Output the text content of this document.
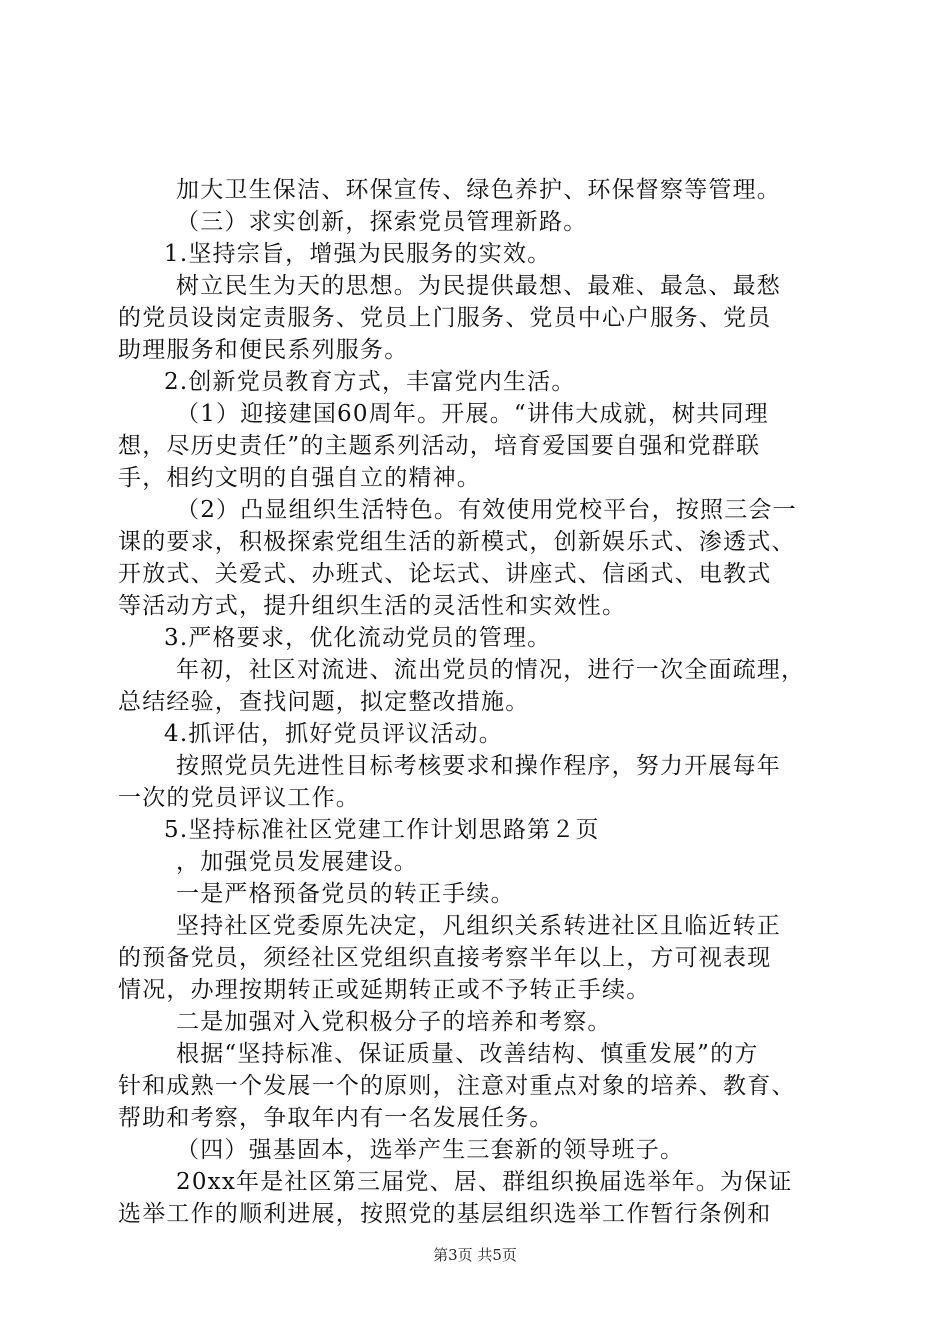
加大卫生保洁、环保宣传、绿色养护、环保督察等管理。
（三）求实创新，探索党员管理新路。
1.坚持宗旨，增强为民服务的实效。
树立民生为天的思想。为民提供最想、最难、最急、最愁
的党员设岗定责服务、党员上门服务、党员中心户服务、党员
助理服务和便民系列服务。
2.创新党员教育方式，丰富党内生活。
（1）迎接建国60周年。开展。“讲伟大成就，树共同理
想，尽历史责任”的主题系列活动，培育爱国要自强和党群联
手，相约文明的自强自立的精神。
（2）凸显组织生活特色。有效使用党校平台，按照三会一
课的要求，积极探索党组生活的新模式，创新娱乐式、渗透式、
开放式、关爱式、办班式、论坛式、讲座式、信函式、电教式
等活动方式，提升组织生活的灵活性和实效性。
3.严格要求，优化流动党员的管理。
年初，社区对流进、流出党员的情况，进行一次全面疏理，
总结经验，查找问题，拟定整改措施。
4.抓评估，抓好党员评议活动。
按照党员先进性目标考核要求和操作程序，努力开展每年
一次的党员评议工作。
5.坚持标准社区党建工作计划思路第２页
，加强党员发展建设。
一是严格预备党员的转正手续。
坚持社区党委原先决定，凡组织关系转进社区且临近转正
的预备党员，须经社区党组织直接考察半年以上，方可视表现
情况，办理按期转正或延期转正或不予转正手续。
二是加强对入党积极分子的培养和考察。
根据“坚持标准、保证质量、改善结构、慎重发展”的方
针和成熟一个发展一个的原则，注意对重点对象的培养、教育、
帮助和考察，争取年内有一名发展任务。
（四）强基固本，选举产生三套新的领导班子。
20xx年是社区第三届党、居、群组织换届选举年。为保证
选举工作的顺利进展，按照党的基层组织选举工作暂行条例和
第3页 共5页
